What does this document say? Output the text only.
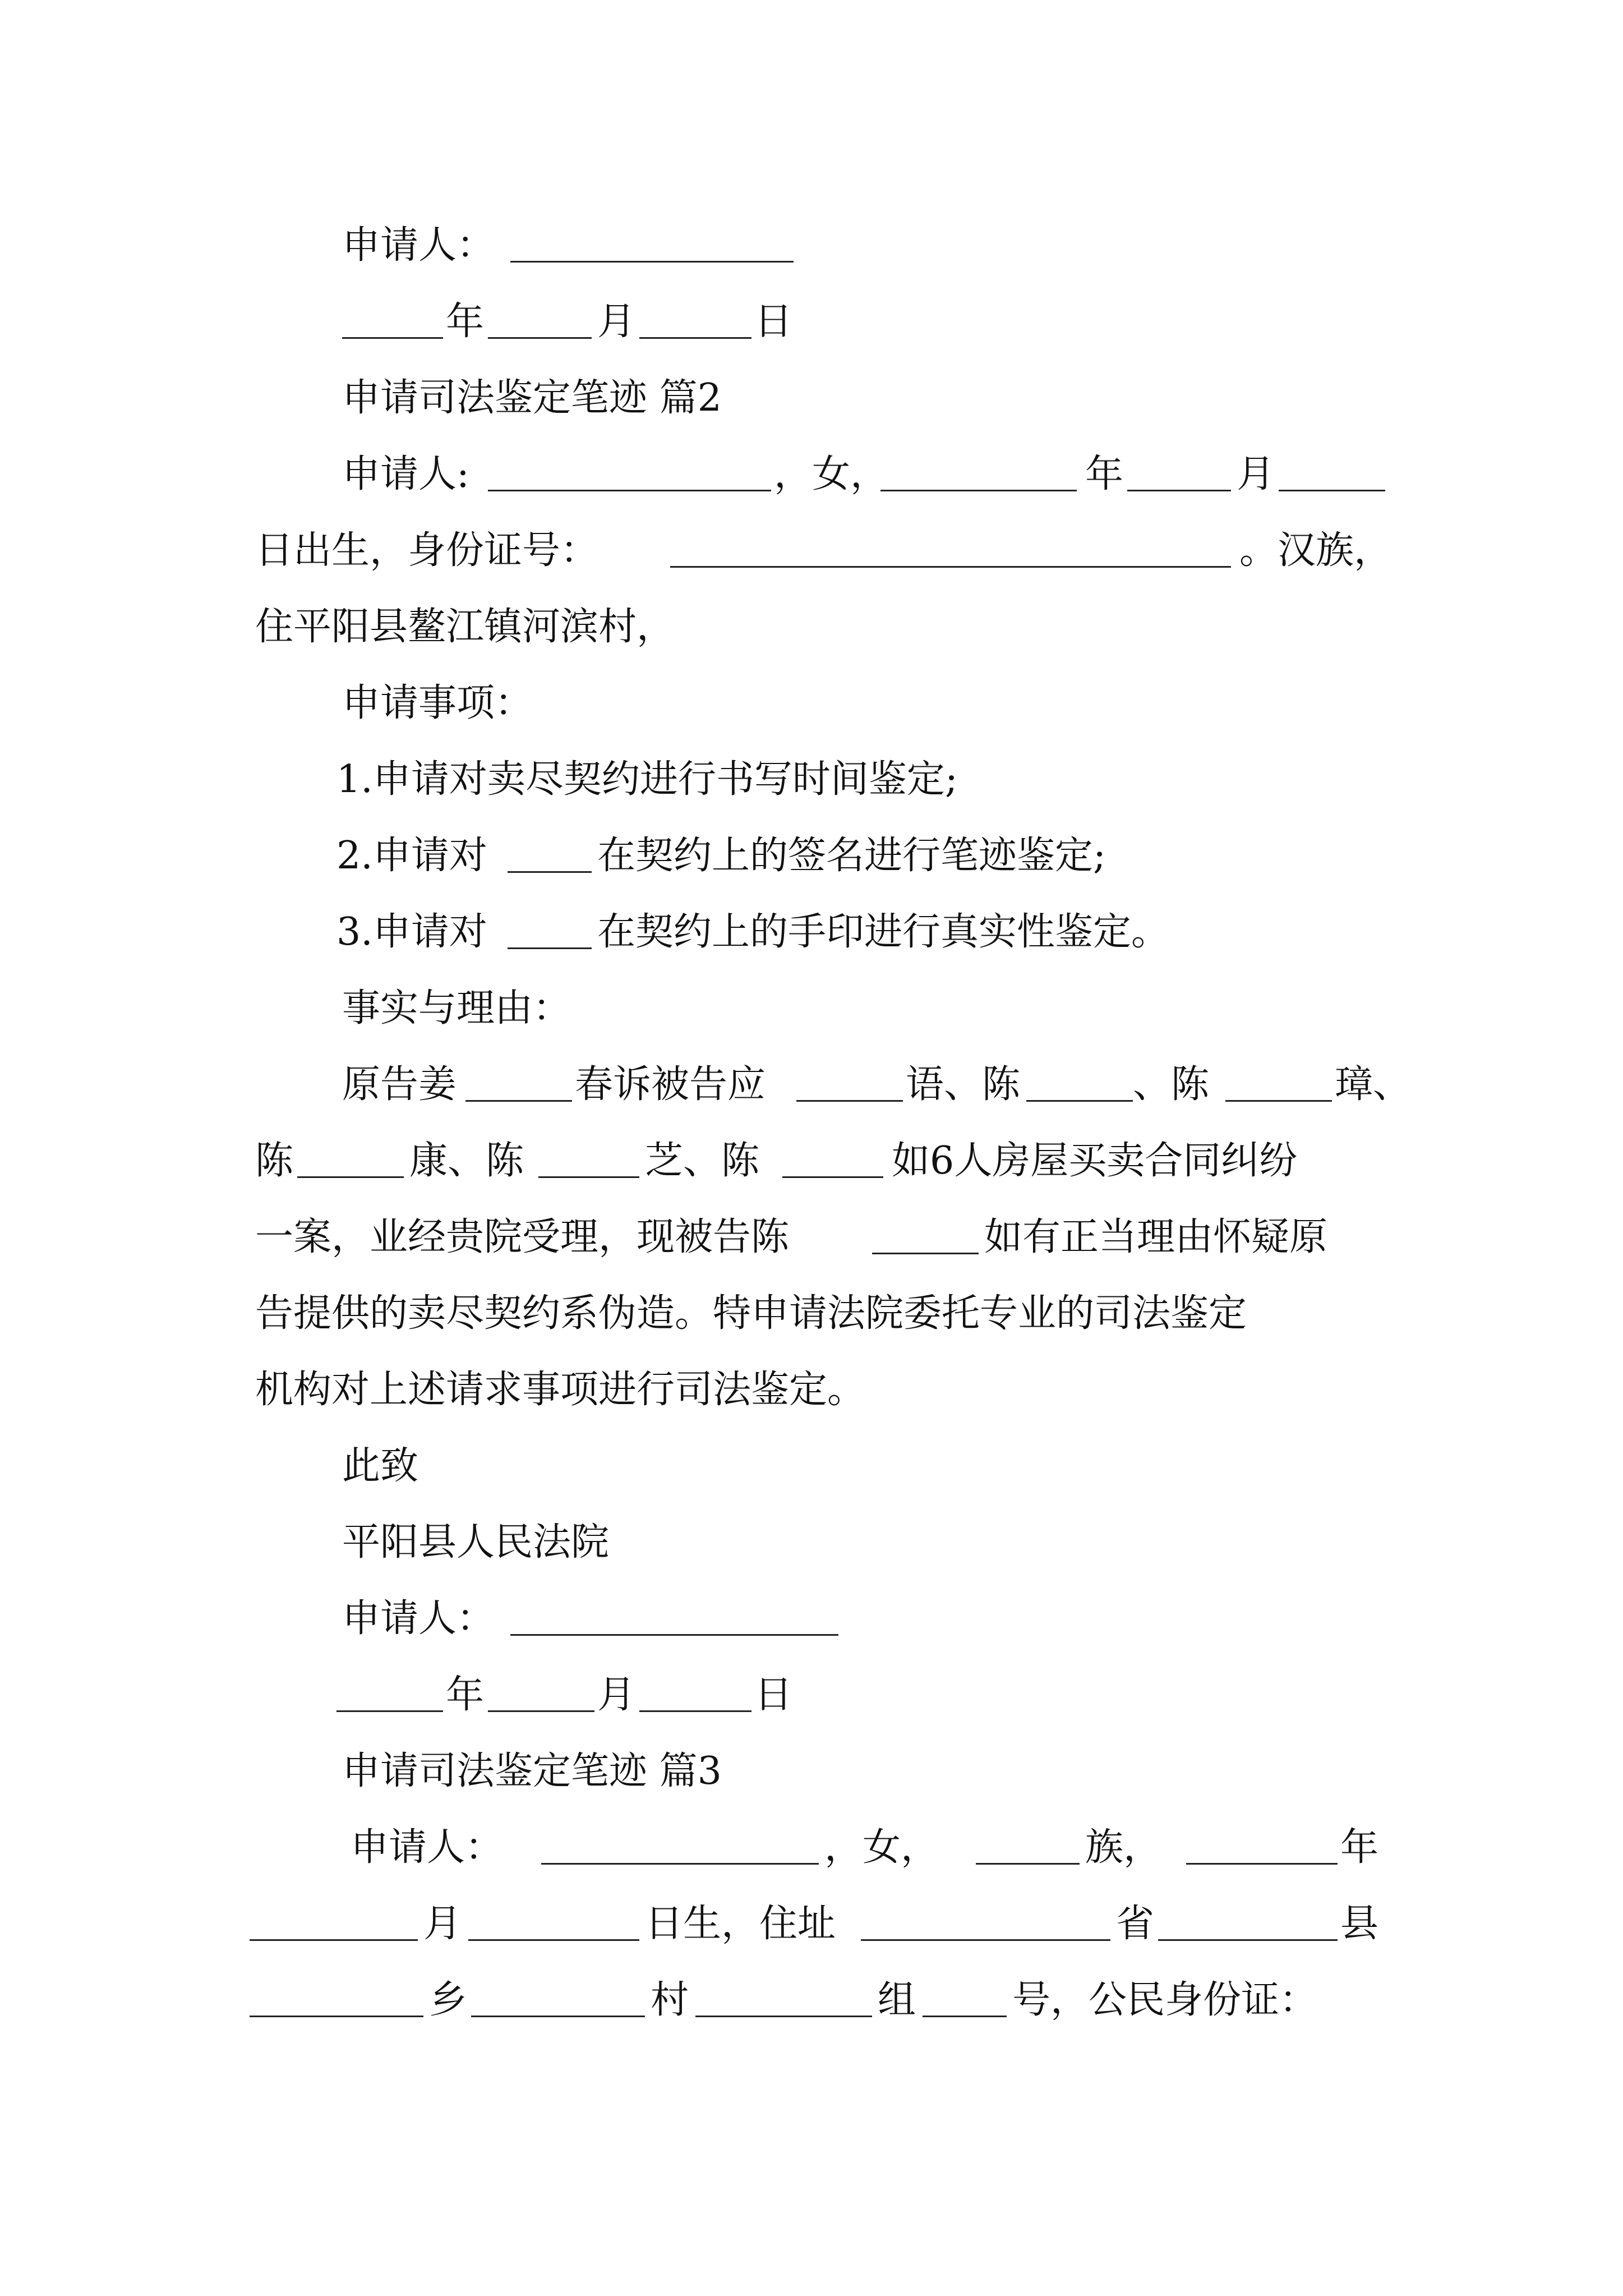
申请人：
年	月	日
申请司法鉴定笔迹 篇2
申请人:	，女，	年	月
日出生，身份证号：	。汉族，
住平阳县鳌江镇河滨村，
申请事项：
1.申请对卖尽契约进行书写时间鉴定;
2.申请对	在契约上的签名进行笔迹鉴定;
3.申请对	在契约上的手印进行真实性鉴定。
事实与理由：
原告姜	春诉被告应	语、陈	、陈	璋、
陈	康、陈	芝、陈	如6人房屋买卖合同纠纷
一案，业经贵院受理，现被告陈	如有正当理由怀疑原
告提供的卖尽契约系伪造。特申请法院委托专业的司法鉴定
机构对上述请求事项进行司法鉴定。
此致
平阳县人民法院
申请人：
年	月	日
申请司法鉴定笔迹 篇3
申请人：	，女，	族，	年
月	日生，住址	省	县
乡	村	组	号，公民身份证：
